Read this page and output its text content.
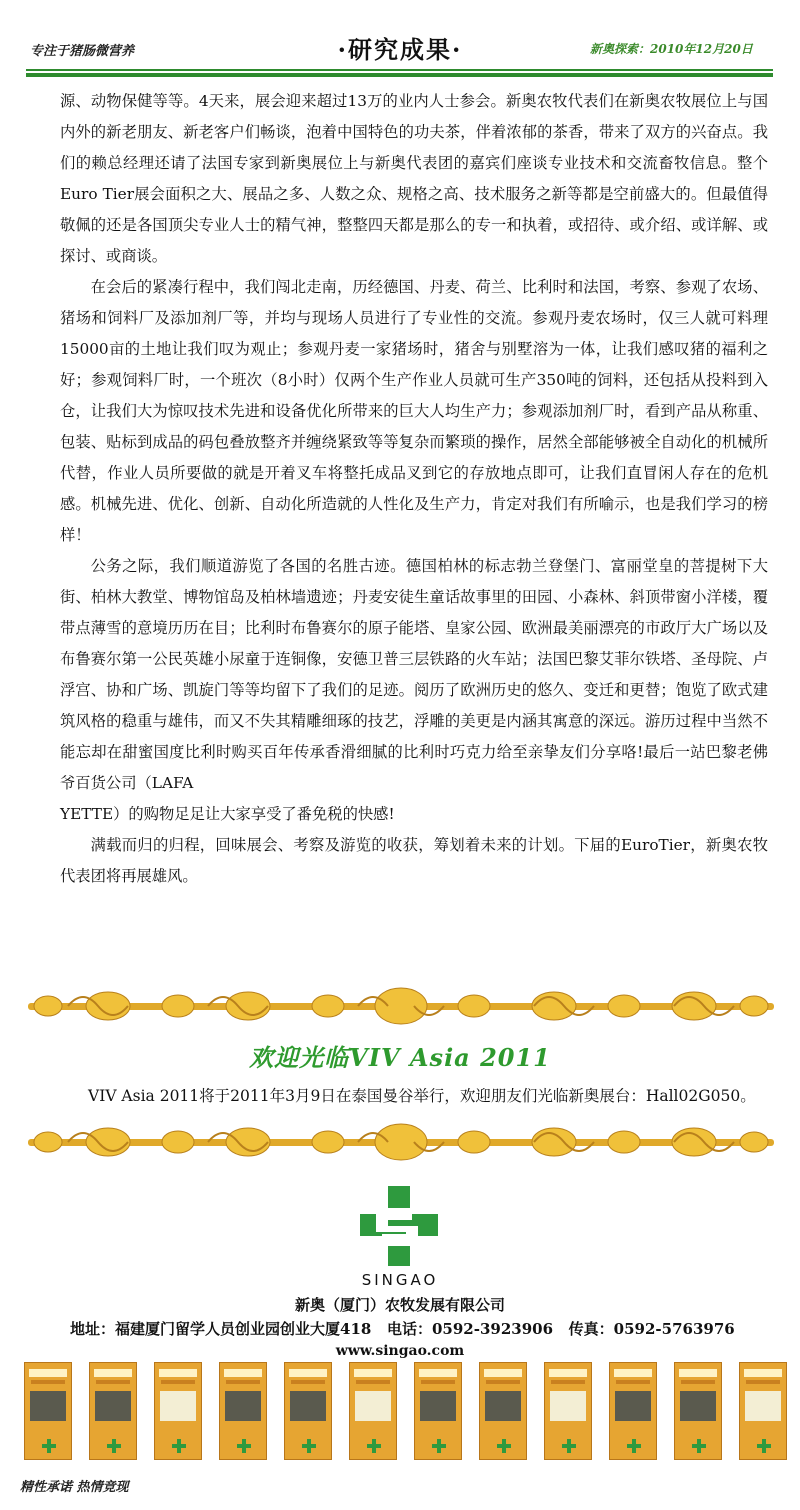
专注于猪肠微营养	·研究成果·	新奥探索：2010年12月20日

源、动物保健等等。4天来，展会迎来超过13万的业内人士参会。新奥农牧代表们在新奥农牧展位上与国内外的新老朋友、新老客户们畅谈，泡着中国特色的功夫茶，伴着浓郁的茶香，带来了双方的兴奋点。我们的赖总经理还请了法国专家到新奥展位上与新奥代表团的嘉宾们座谈专业技术和交流畜牧信息。整个Euro Tier展会面积之大、展品之多、人数之众、规格之高、技术服务之新等都是空前盛大的。但最值得敬佩的还是各国顶尖专业人士的精气神，整整四天都是那么的专一和执着，或招待、或介绍、或详解、或探讨、或商谈。

在会后的紧凑行程中，我们闯北走南，历经德国、丹麦、荷兰、比利时和法国，考察、参观了农场、猪场和饲料厂及添加剂厂等，并均与现场人员进行了专业性的交流。参观丹麦农场时，仅三人就可料理15000亩的土地让我们叹为观止；参观丹麦一家猪场时，猪舍与别墅溶为一体，让我们感叹猪的福利之好；参观饲料厂时，一个班次（8小时）仅两个生产作业人员就可生产350吨的饲料，还包括从投料到入仓，让我们大为惊叹技术先进和设备优化所带来的巨大人均生产力；参观添加剂厂时，看到产品从称重、包装、贴标到成品的码包叠放整齐并缠绕紧致等等复杂而繁琐的操作，居然全部能够被全自动化的机械所代替，作业人员所要做的就是开着叉车将整托成品叉到它的存放地点即可，让我们直冒闲人存在的危机感。机械先进、优化、创新、自动化所造就的人性化及生产力，肯定对我们有所喻示，也是我们学习的榜样！

公务之际，我们顺道游览了各国的名胜古迹。德国柏林的标志勃兰登堡门、富丽堂皇的菩提树下大街、柏林大教堂、博物馆岛及柏林墙遗迹；丹麦安徒生童话故事里的田园、小森林、斜顶带窗小洋楼，覆带点薄雪的意境历历在目；比利时布鲁赛尔的原子能塔、皇家公园、欧洲最美丽漂亮的市政厅大广场以及布鲁赛尔第一公民英雄小尿童于连铜像，安德卫普三层铁路的火车站；法国巴黎艾菲尔铁塔、圣母院、卢浮宫、协和广场、凯旋门等等均留下了我们的足迹。阅历了欧洲历史的悠久、变迁和更替；饱览了欧式建筑风格的稳重与雄伟，而又不失其精雕细琢的技艺，浮雕的美更是内涵其寓意的深远。游历过程中当然不能忘却在甜蜜国度比利时购买百年传承香滑细腻的比利时巧克力给至亲挚友们分享咯!最后一站巴黎老佛爷百货公司（LAFA

YETTE）的购物足足让大家享受了番免税的快感!

满载而归的归程，回味展会、考察及游览的收获，筹划着未来的计划。下届的EuroTier，新奥农牧代表团将再展雄风。

欢迎光临VIV Asia 2011
VIV Asia 2011将于2011年3月9日在泰国曼谷举行，欢迎朋友们光临新奥展台：Hall02G050。
SINGAO
新奥（厦门）农牧发展有限公司
地址：福建厦门留学人员创业园创业大厦418   电话：0592-3923906   传真：0592-5763976
www.singao.com
精性承诺 热情竞现
